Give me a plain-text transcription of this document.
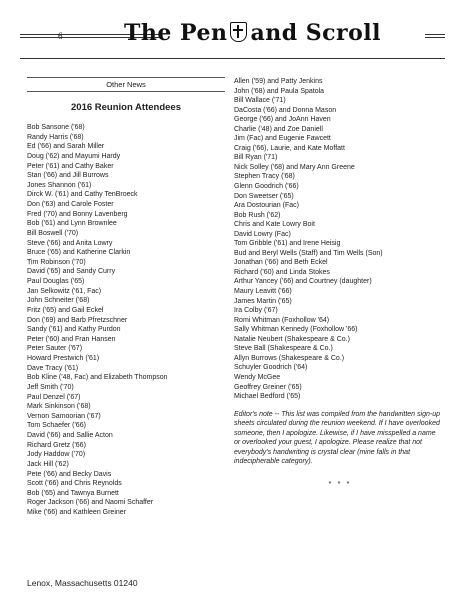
6	The Pen and Scroll
Other News
2016 Reunion Attendees
Bob Sansone ('68)
Randy Harris ('68)
Ed ('66) and Sarah Miller
Doug ('62) and Mayumi Hardy
Peter ('61) and Cathy Baker
Stan ('66) and Jill Burrows
Jones Shannon ('61)
Dirck W. ('61) and Cathy TenBroeck
Don ('63) and Carole Foster
Fred ('70) and Bonny Lavenberg
Bob ('61) and Lynn Brownlee
Bill Boswell ('70)
Steve ('66) and Anita Lowry
Bruce ('65) and Katherine Clarkin
Tim Robinson ('70)
David ('65) and Sandy Curry
Paul Douglas ('65)
Jan Selkowitz ('61, Fac)
John Schneiter ('68)
Fritz ('65) and Gail Eckel
Don ('69) and Barb Pfretzschner
Sandy ('61) and Kathy Purdon
Peter ('60) and Fran Hansen
Peter Sauter ('67)
Howard Prestwich ('61)
Dave Tracy ('61)
Bob Kline ('48, Fac) and Elizabeth Thompson
Jeff Smith ('70)
Paul Denzel ('67)
Mark Sinkinson ('68)
Vernon Samoorian ('67)
Tom Schaefer ('66)
David ('66) and Sallie Acton
Richard Gretz ('66)
Jody Haddow ('70)
Jack Hill ('62)
Pete ('66) and Becky Davis
Scott ('66) and Chris Reynolds
Bob ('65) and Tawnya Burnett
Roger Jackson ('66) and Naomi Schaffer
Mike ('66) and Kathleen Greiner
Allen ('59) and Patty Jenkins
John ('68) and Paula Spatola
Bill Wallace ('71)
DaCosta ('66) and Donna Mason
George ('66) and JoAnn Haven
Charlie ('48) and Zoe Daniell
Jim (Fac) and Eugenie Fawcett
Craig ('66), Laurie, and Kate Moffatt
Bill Ryan ('71)
Nick Solley ('68) and Mary Ann Greene
Stephen Tracy ('68)
Glenn Goodrich ('66)
Don Sweetser ('65)
Ara Dostourian (Fac)
Bob Rush ('62)
Chris and Kate Lowry Boit
David Lowry (Fac)
Tom Gribble ('61) and Irene Heisig
Bud and Beryl Wells (Staff) and Tim Wells (Son)
Jonathan ('66) and Beth Eckel
Richard ('60) and Linda Stokes
Arthur Yancey ('66) and Courtney (daughter)
Maury Leavitt ('66)
James Martin ('65)
Ira Colby ('67)
Romi Whitman (Foxhollow '64)
Sally Whitman Kennedy (Foxhollow '66)
Natalie Neubert (Shakespeare & Co.)
Steve Ball (Shakespeare & Co.)
Allyn Burrows (Shakespeare & Co.)
Schuyler Goodrich ('64)
Wendy McGee
Geoffrey Greiner ('65)
Michael Bedford ('65)
Editor's note -- This list was compiled from the handwritten sign-up sheets circulated during the reunion weekend. If I have overlooked someone, then I apologize. Likewise, if I have misspelled a name or overlooked your guest, I apologize. Please realize that not everybody's handwriting is crystal clear (mine falls in that indecipherable category).
* * *
Lenox, Massachusetts 01240
